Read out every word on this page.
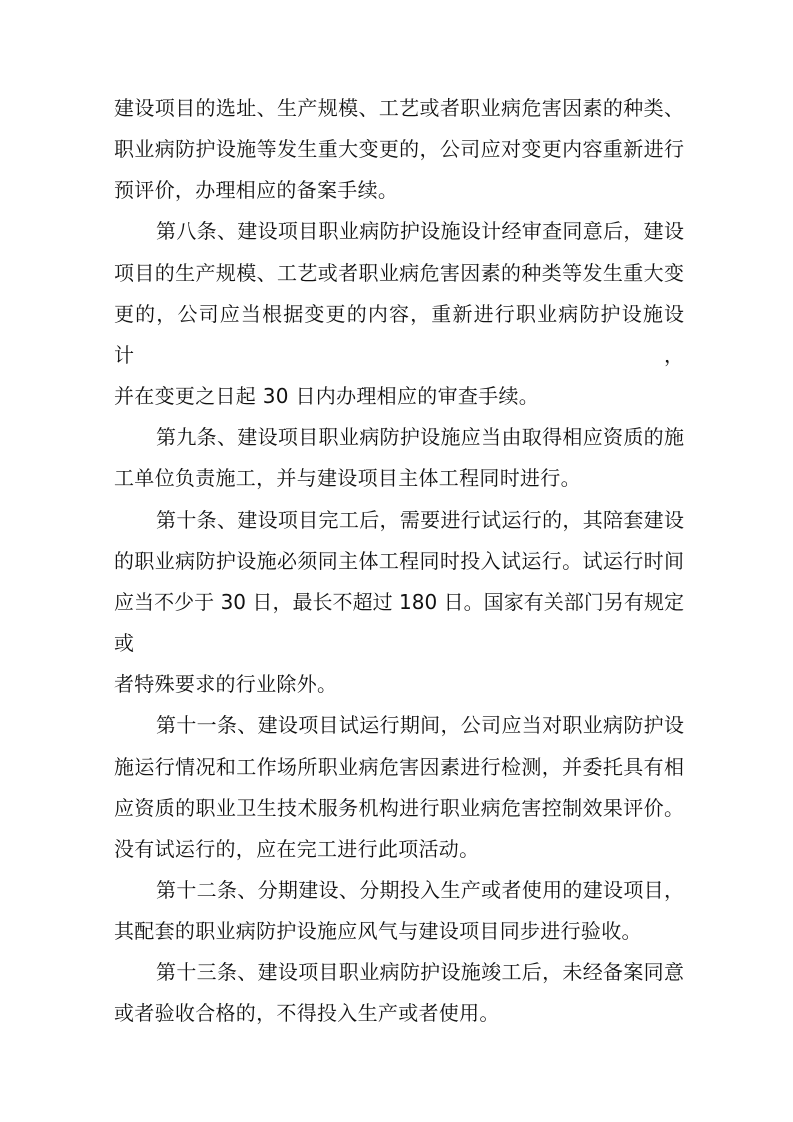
建设项目的选址、生产规模、工艺或者职业病危害因素的种类、
职业病防护设施等发生重大变更的，公司应对变更内容重新进行
预评价，办理相应的备案手续。
第八条、建设项目职业病防护设施设计经审查同意后，建设
项目的生产规模、工艺或者职业病危害因素的种类等发生重大变
更的，公司应当根据变更的内容，重新进行职业病防护设施设计，
并在变更之日起 30 日内办理相应的审查手续。
第九条、建设项目职业病防护设施应当由取得相应资质的施
工单位负责施工，并与建设项目主体工程同时进行。
第十条、建设项目完工后，需要进行试运行的，其陪套建设
的职业病防护设施必须同主体工程同时投入试运行。试运行时间
应当不少于 30 日，最长不超过 180 日。国家有关部门另有规定或
者特殊要求的行业除外。
第十一条、建设项目试运行期间，公司应当对职业病防护设
施运行情况和工作场所职业病危害因素进行检测，并委托具有相
应资质的职业卫生技术服务机构进行职业病危害控制效果评价。
没有试运行的，应在完工进行此项活动。
第十二条、分期建设、分期投入生产或者使用的建设项目，
其配套的职业病防护设施应风气与建设项目同步进行验收。
第十三条、建设项目职业病防护设施竣工后，未经备案同意
或者验收合格的，不得投入生产或者使用。
